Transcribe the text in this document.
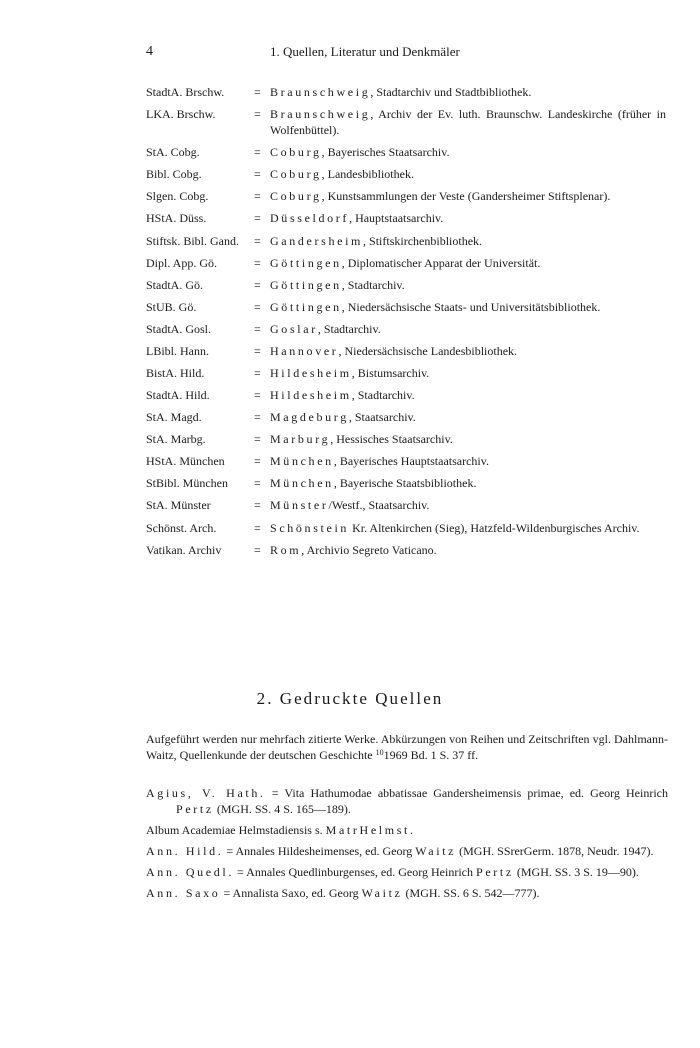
4	1. Quellen, Literatur und Denkmäler
StadtA. Brschw.	= Braunschweig, Stadtarchiv und Stadtbibliothek.
LKA. Brschw.	= Braunschweig, Archiv der Ev. luth. Braunschw. Landeskirche (früher in Wolfenbüttel).
StA. Cobg.	= Coburg, Bayerisches Staatsarchiv.
Bibl. Cobg.	= Coburg, Landesbibliothek.
Slgen. Cobg.	= Coburg, Kunstsammlungen der Veste (Gandersheimer Stiftsplenar).
HStA. Düss.	= Düsseldorf, Hauptstaatsarchiv.
Stiftsk. Bibl. Gand.	= Gandersheim, Stiftskirchenbibliothek.
Dipl. App. Gö.	= Göttingen, Diplomatischer Apparat der Universität.
StadtA. Gö.	= Göttingen, Stadtarchiv.
StUB. Gö.	= Göttingen, Niedersächsische Staats- und Universitätsbibliothek.
StadtA. Gosl.	= Goslar, Stadtarchiv.
LBibl. Hann.	= Hannover, Niedersächsische Landesbibliothek.
BistA. Hild.	= Hildesheim, Bistumsarchiv.
StadtA. Hild.	= Hildesheim, Stadtarchiv.
StA. Magd.	= Magdeburg, Staatsarchiv.
StA. Marbg.	= Marburg, Hessisches Staatsarchiv.
HStA. München	= München, Bayerisches Hauptstaatsarchiv.
StBibl. München	= München, Bayerische Staatsbibliothek.
StA. Münster	= Münster/Westf., Staatsarchiv.
Schönst. Arch.	= Schönstein Kr. Altenkirchen (Sieg), Hatzfeld-Wildenburgisches Archiv.
Vatikan. Archiv	= Rom, Archivio Segreto Vaticano.
2. Gedruckte Quellen

Aufgeführt werden nur mehrfach zitierte Werke. Abkürzungen von Reihen und Zeitschriften vgl. Dahlmann-Waitz, Quellenkunde der deutschen Geschichte $^{10}$1969 Bd. 1 S. 37 ff.

Agius, V. Hath. = Vita Hathumodae abbatissae Gandersheimensis primae, ed. Georg Heinrich Pertz (MGH. SS. 4 S. 165—189).
Album Academiae Helmstadiensis s. MatrHelmst.
Ann. Hild. = Annales Hildesheimenses, ed. Georg Waitz (MGH. SSrerGerm. 1878, Neudr. 1947).
Ann. Quedl. = Annales Quedlinburgenses, ed. Georg Heinrich Pertz (MGH. SS. 3 S. 19—90).
Ann. Saxo = Annalista Saxo, ed. Georg Waitz (MGH. SS. 6 S. 542—777).
